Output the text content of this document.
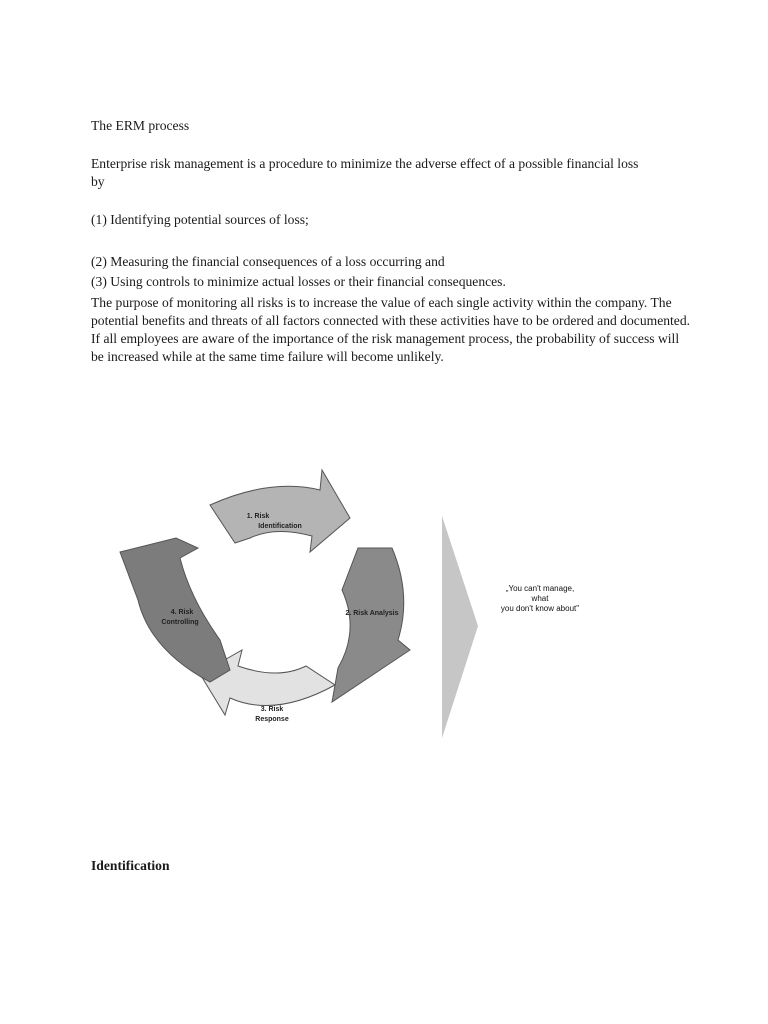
The ERM process

Enterprise risk management is a procedure to minimize the adverse effect of a possible financial loss by

(1) Identifying potential sources of loss;

(2) Measuring the financial consequences of a loss occurring and

(3) Using controls to minimize actual losses or their financial consequences.

The purpose of monitoring all risks is to increase the value of each single activity within the company. The potential benefits and threats of all factors connected with these activities have to be ordered and documented. If all employees are aware of the importance of the risk management process, the probability of success will be increased while at the same time failure will become unlikely.

1. Risk
Identification
2. Risk Analysis
3. Risk
Response
4. Risk
Controlling
„You can't manage,
what
you don't know about"

Identification
